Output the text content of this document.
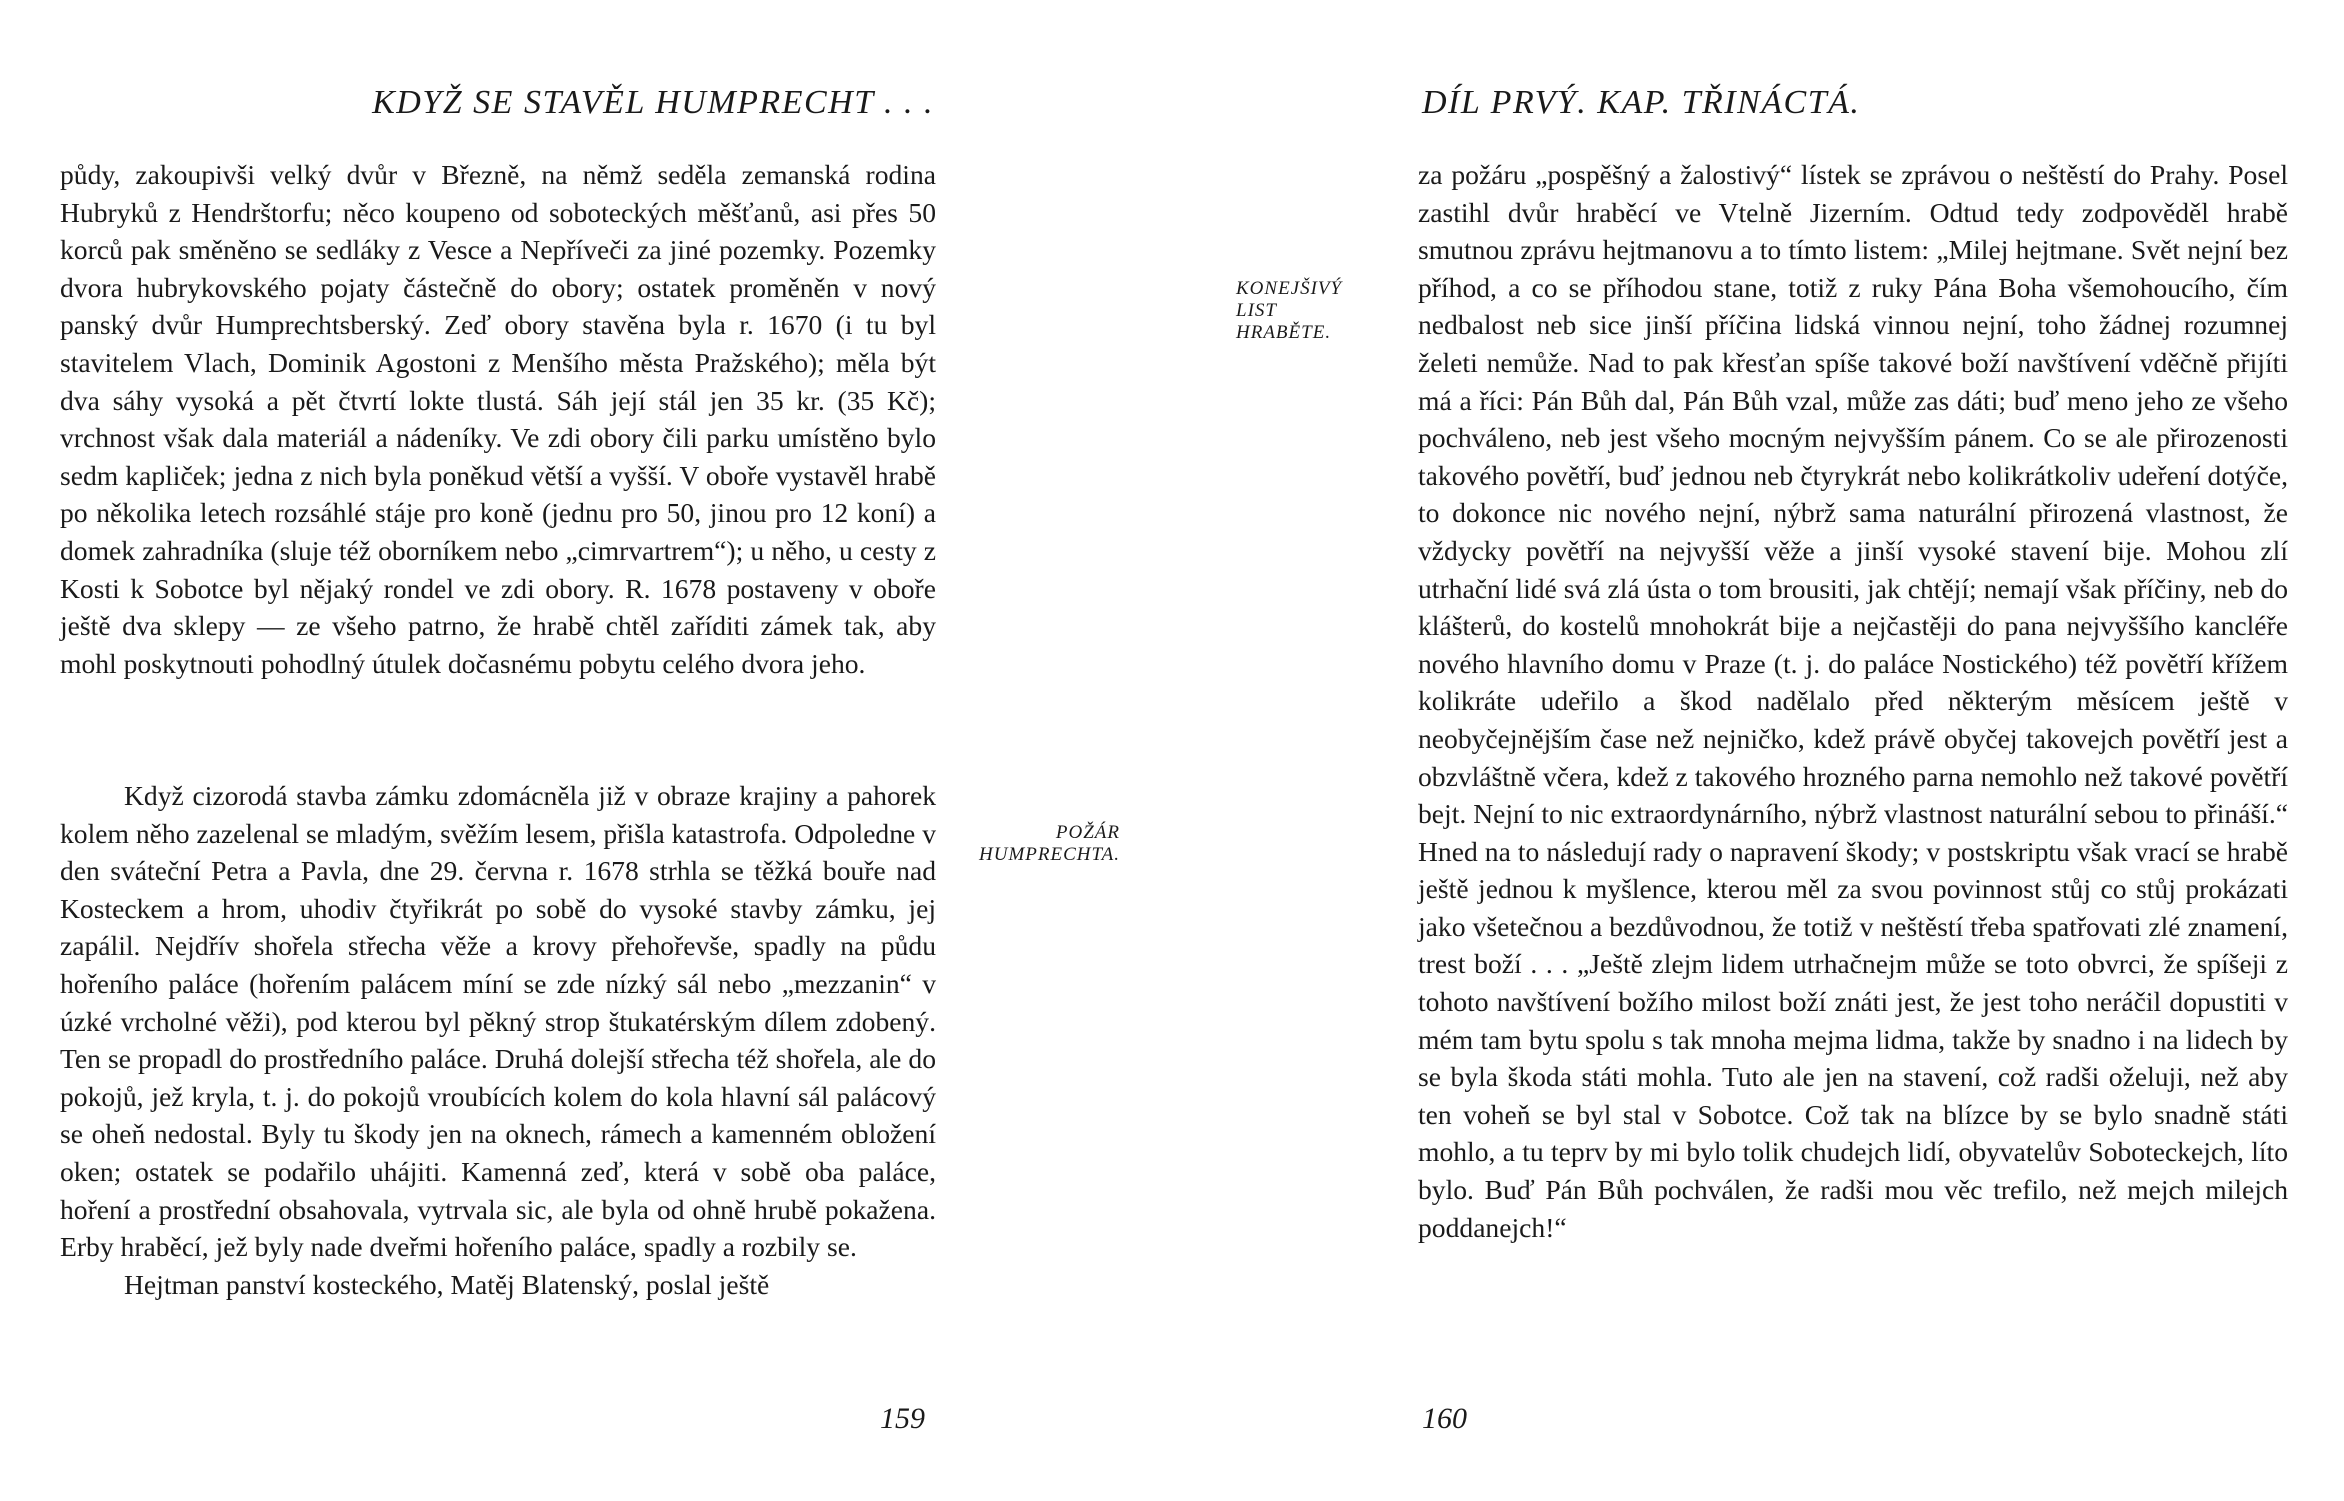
KDYŽ SE STAVĚL HUMPRECHT . . .

půdy, zakoupivši velký dvůr v Březně, na němž seděla zemanská rodina Hubryků z Hendrštorfu; něco koupeno od soboteckých měšťanů, asi přes 50 korců pak směněno se sedláky z Vesce a Nepříveči za jiné pozemky. Pozemky dvora hubrykovského pojaty částečně do obory; ostatek proměněn v nový panský dvůr Humprechtsberský. Zeď obory stavěna byla r. 1670 (i tu byl stavitelem Vlach, Dominik Agostoni z Menšího města Pražského); měla být dva sáhy vysoká a pět čtvrtí lokte tlustá. Sáh její stál jen 35 kr. (35 Kč); vrchnost však dala materiál a nádeníky. Ve zdi obory čili parku umístěno bylo sedm kapliček; jedna z nich byla poněkud větší a vyšší. V oboře vystavěl hrabě po několika letech rozsáhlé stáje pro koně (jednu pro 50, jinou pro 12 koní) a domek zahradníka (sluje též oborníkem nebo „cimrvartrem“); u něho, u cesty z Kosti k Sobotce byl nějaký rondel ve zdi obory. R. 1678 postaveny v oboře ještě dva sklepy — ze všeho patrno, že hrabě chtěl zaříditi zámek tak, aby mohl poskytnouti pohodlný útulek dočasnému pobytu celého dvora jeho.

Když cizorodá stavba zámku zdomácněla již v obraze krajiny a pahorek kolem něho zazelenal se mladým, svěžím lesem, přišla katastrofa. Odpoledne v den sváteční Petra a Pavla, dne 29. června r. 1678 strhla se těžká bouře nad Kosteckem a hrom, uhodiv čtyřikrát po sobě do vysoké stavby zámku, jej zapálil. Nejdřív shořela střecha věže a krovy přehořevše, spadly na půdu hořeního paláce (hořením palácem míní se zde nízký sál nebo „mezzanin“ v úzké vrcholné věži), pod kterou byl pěkný strop štukatérským dílem zdobený. Ten se propadl do prostředního paláce. Druhá dolejší střecha též shořela, ale do pokojů, jež kryla, t. j. do pokojů vroubících kolem do kola hlavní sál palácový se oheň nedostal. Byly tu škody jen na oknech, rámech a kamenném obložení oken; ostatek se podařilo uhájiti. Kamenná zeď, která v sobě oba paláce, hoření a prostřední obsahovala, vytrvala sic, ale byla od ohně hrubě pokažena. Erby hraběcí, jež byly nade dveřmi hořeního paláce, spadly a rozbily se.

Hejtman panství kosteckého, Matěj Blatenský, poslal ještě

POŽÁR
HUMPRECHTA.
159
DÍL PRVÝ. KAP. TŘINÁCTÁ.
KONEJŠIVÝ
LIST
HRABĚTE.

za požáru „pospěšný a žalostivý“ lístek se zprávou o neštěstí do Prahy. Posel zastihl dvůr hraběcí ve Vtelně Jizerním. Odtud tedy zodpověděl hrabě smutnou zprávu hejtmanovu a to tímto listem: „Milej hejtmane. Svět nejní bez příhod, a co se příhodou stane, totiž z ruky Pána Boha všemohoucího, čím nedbalost neb sice jinší příčina lidská vinnou nejní, toho žádnej rozumnej želeti nemůže. Nad to pak křesťan spíše takové boží navštívení vděčně přijíti má a říci: Pán Bůh dal, Pán Bůh vzal, může zas dáti; buď meno jeho ze všeho pochváleno, neb jest všeho mocným nejvyšším pánem. Co se ale přirozenosti takového povětří, buď jednou neb čtyrykrát nebo kolikrátkoliv udeření dotýče, to dokonce nic nového nejní, nýbrž sama naturální přirozená vlastnost, že vždycky povětří na nejvyšší věže a jinší vysoké stavení bije. Mohou zlí utrhační lidé svá zlá ústa o tom brousiti, jak chtějí; nemají však příčiny, neb do klášterů, do kostelů mnohokrát bije a nejčastěji do pana nejvyššího kancléře nového hlavního domu v Praze (t. j. do paláce Nostického) též povětří křížem kolikráte udeřilo a škod nadělalo před některým měsícem ještě v neobyčejnějším čase než nejničko, kdež právě obyčej takovejch povětří jest a obzvláštně včera, kdež z takového hrozného parna nemohlo než takové povětří bejt. Nejní to nic extraordynárního, nýbrž vlastnost naturální sebou to přináší.“ Hned na to následují rady o napravení škody; v postskriptu však vrací se hrabě ještě jednou k myšlence, kterou měl za svou povinnost stůj co stůj prokázati jako všetečnou a bezdůvodnou, že totiž v neštěstí třeba spatřovati zlé znamení, trest boží . . . „Ještě zlejm lidem utrhačnejm může se toto obvrci, že spíšeji z tohoto navštívení božího milost boží znáti jest, že jest toho neráčil dopustiti v mém tam bytu spolu s tak mnoha mejma lidma, takže by snadno i na lidech by se byla škoda státi mohla. Tuto ale jen na stavení, což radši oželuji, než aby ten voheň se byl stal v Sobotce. Což tak na blízce by se bylo snadně státi mohlo, a tu teprv by mi bylo tolik chudejch lidí, obyvatelův Soboteckejch, líto bylo. Buď Pán Bůh pochválen, že radši mou věc trefilo, než mejch milejch poddanejch!“

160
